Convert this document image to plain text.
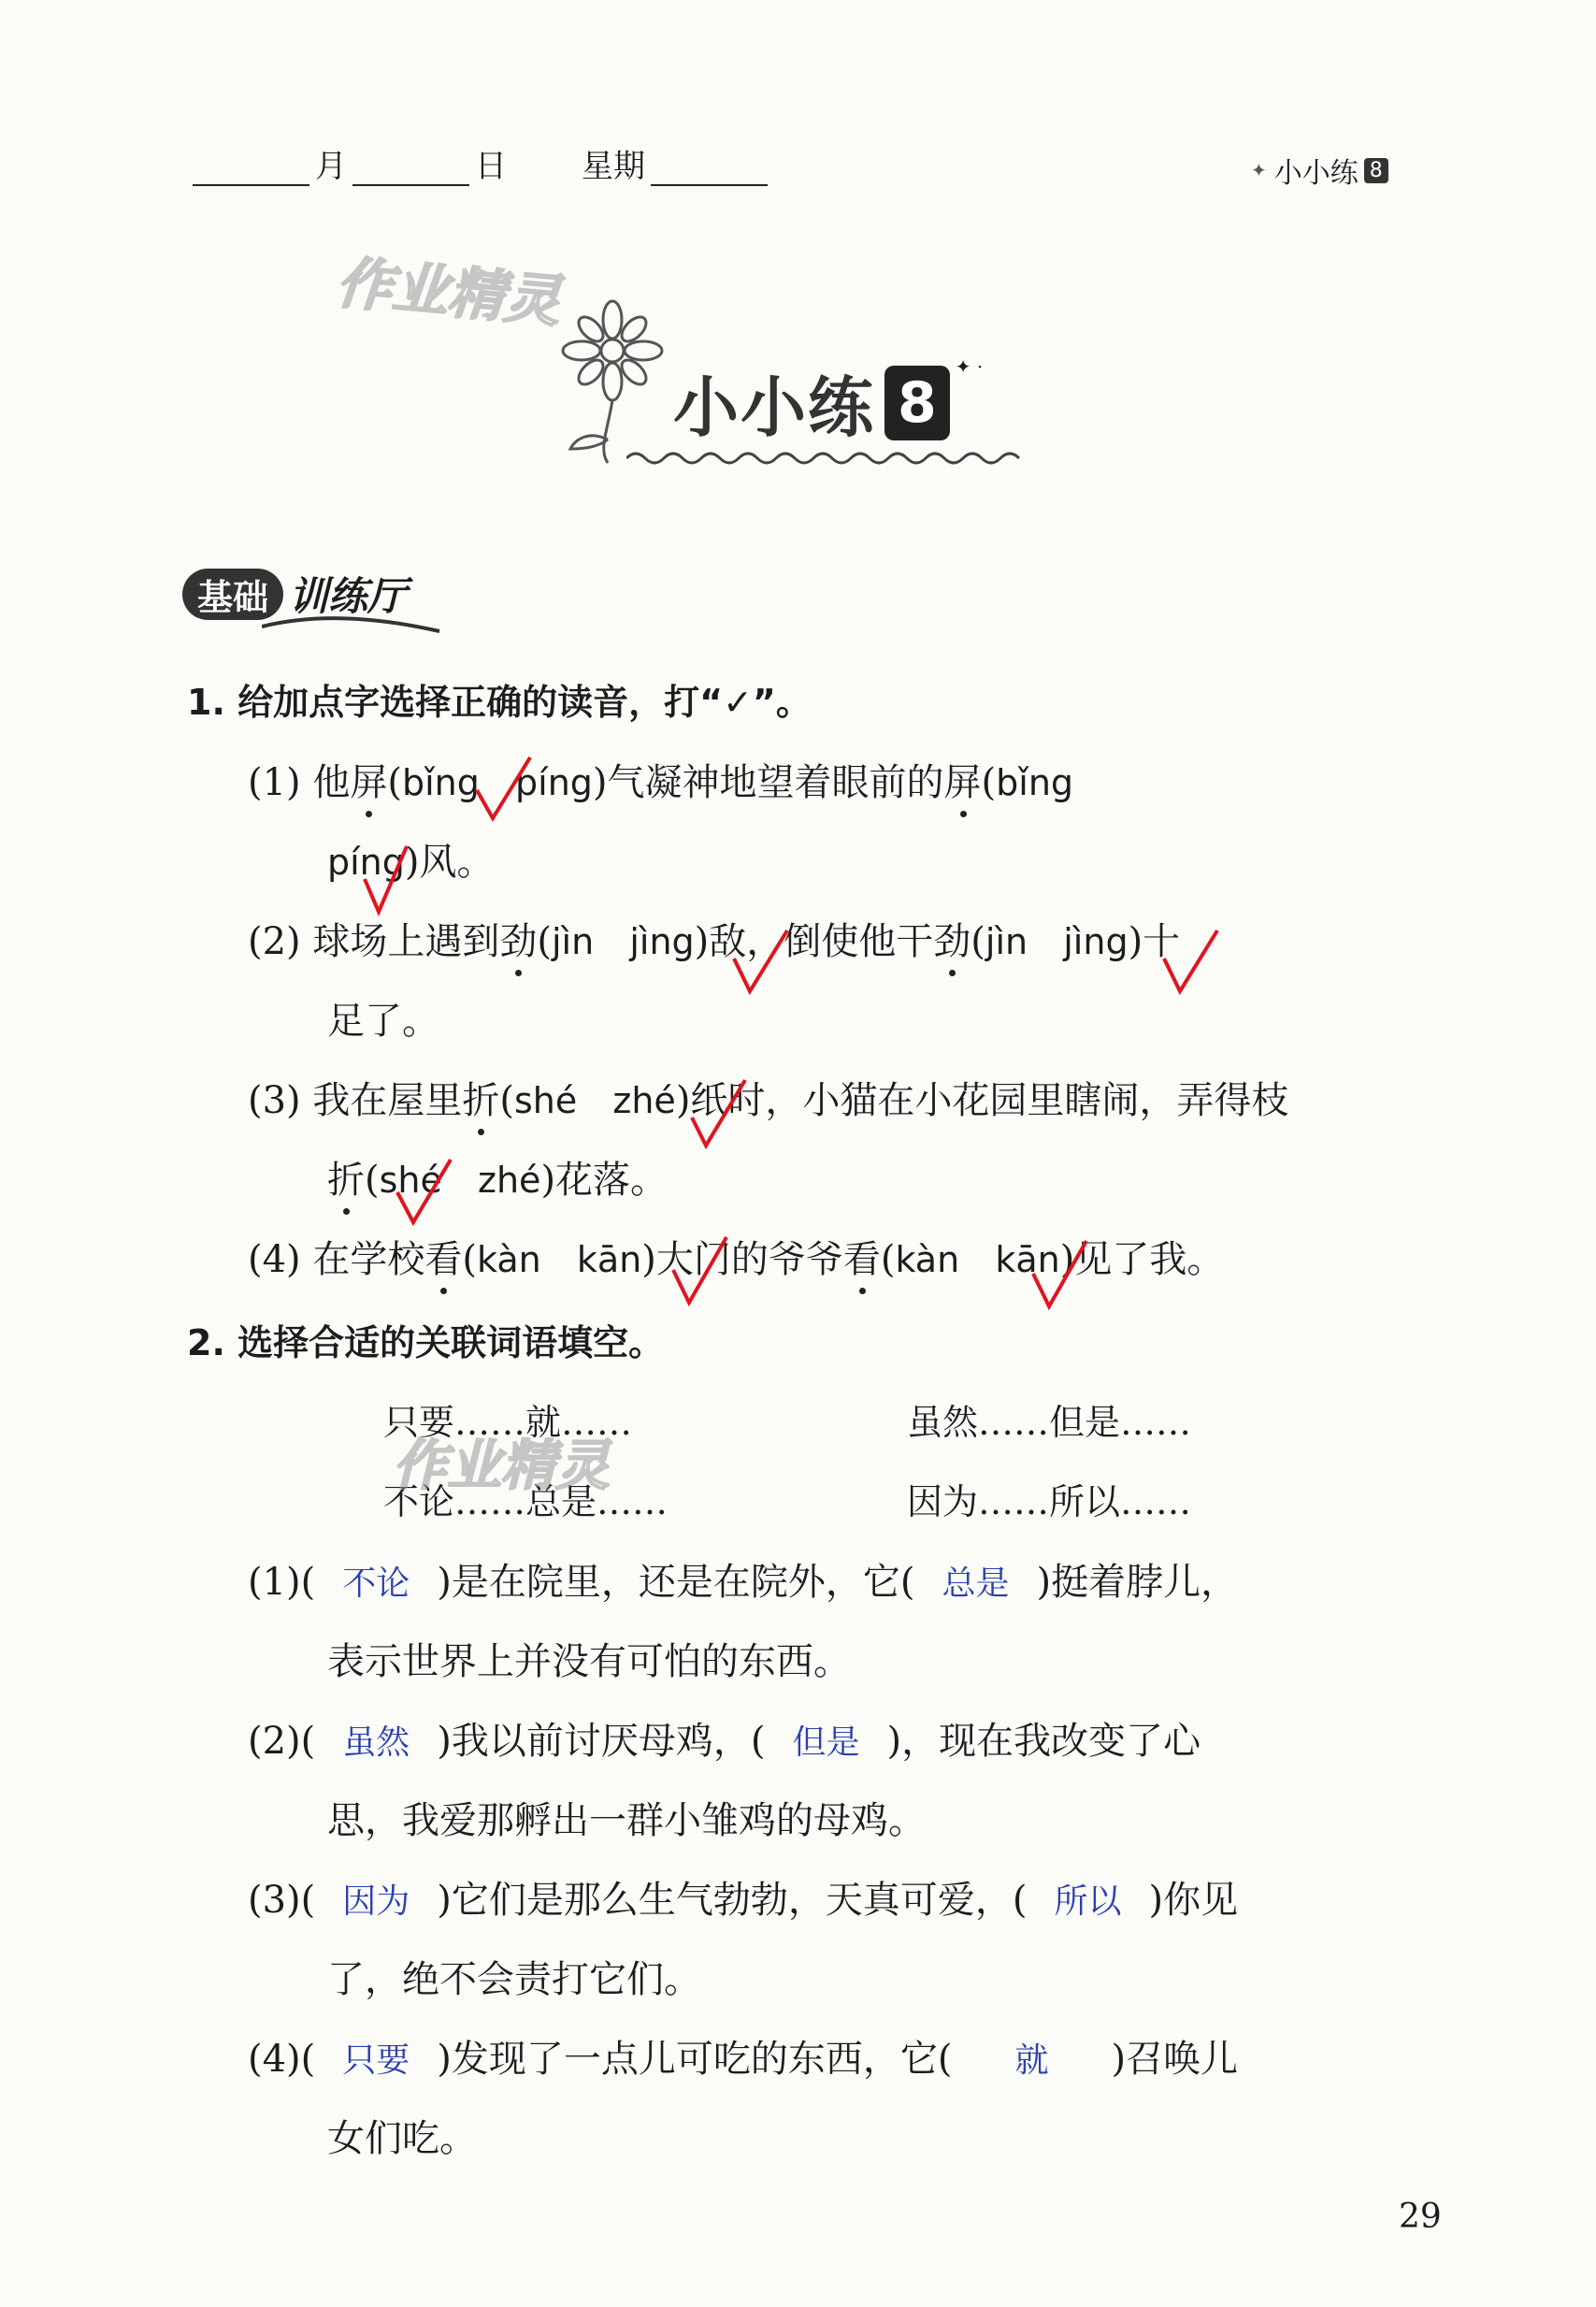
月	日 星期	✦ 小小练 8
作业精灵
小小练 8
✦ ·
基础 训练厅
1. 给加点字选择正确的读音，打“✓”。
(1) 他屏(bǐng píng)气凝神地望着眼前的屏(bǐng
píng)风。
(2) 球场上遇到劲(jìn jìng)敌，倒使他干劲(jìn jìng)十
足了。
(3) 我在屋里折(shé zhé)纸时，小猫在小花园里瞎闹，弄得枝
折(shé zhé)花落。
(4) 在学校看(kàn kān)大门的爷爷看(kàn kān)见了我。
2. 选择合适的关联词语填空。
只要……就……	虽然……但是……
不论……总是……	因为……所以……
作业精灵
(1)( 不论 )是在院里，还是在院外，它( 总是 )挺着脖儿，
表示世界上并没有可怕的东西。
(2)( 虽然 )我以前讨厌母鸡，( 但是 )，现在我改变了心
思，我爱那孵出一群小雏鸡的母鸡。
(3)( 因为 )它们是那么生气勃勃，天真可爱，( 所以 )你见
了，绝不会责打它们。
(4)( 只要 )发现了一点儿可吃的东西，它( 就 )召唤儿
女们吃。
29
